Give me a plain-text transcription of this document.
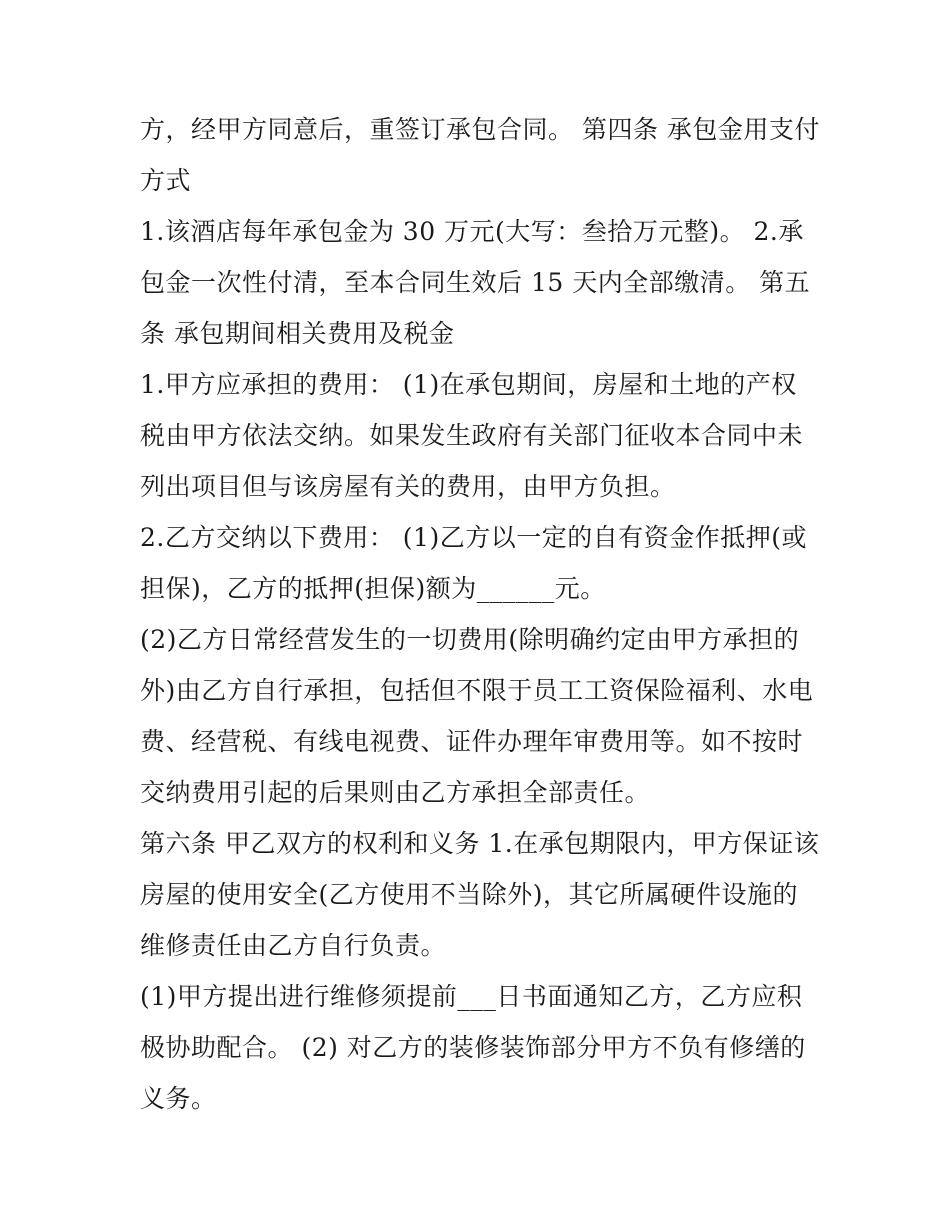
方，经甲方同意后，重签订承包合同。 第四条 承包金用支付方式

1.该酒店每年承包金为 30 万元(大写：叁拾万元整)。 2.承包金一次性付清，至本合同生效后 15 天内全部缴清。 第五条 承包期间相关费用及税金

1.甲方应承担的费用： (1)在承包期间，房屋和土地的产权税由甲方依法交纳。如果发生政府有关部门征收本合同中未列出项目但与该房屋有关的费用，由甲方负担。

2.乙方交纳以下费用： (1)乙方以一定的自有资金作抵押(或担保)，乙方的抵押(担保)额为______元。

(2)乙方日常经营发生的一切费用(除明确约定由甲方承担的外)由乙方自行承担，包括但不限于员工工资保险福利、水电费、经营税、有线电视费、证件办理年审费用等。如不按时交纳费用引起的后果则由乙方承担全部责任。

第六条 甲乙双方的权利和义务 1.在承包期限内，甲方保证该房屋的使用安全(乙方使用不当除外)，其它所属硬件设施的维修责任由乙方自行负责。

(1)甲方提出进行维修须提前___日书面通知乙方，乙方应积极协助配合。 (2) 对乙方的装修装饰部分甲方不负有修缮的义务。
